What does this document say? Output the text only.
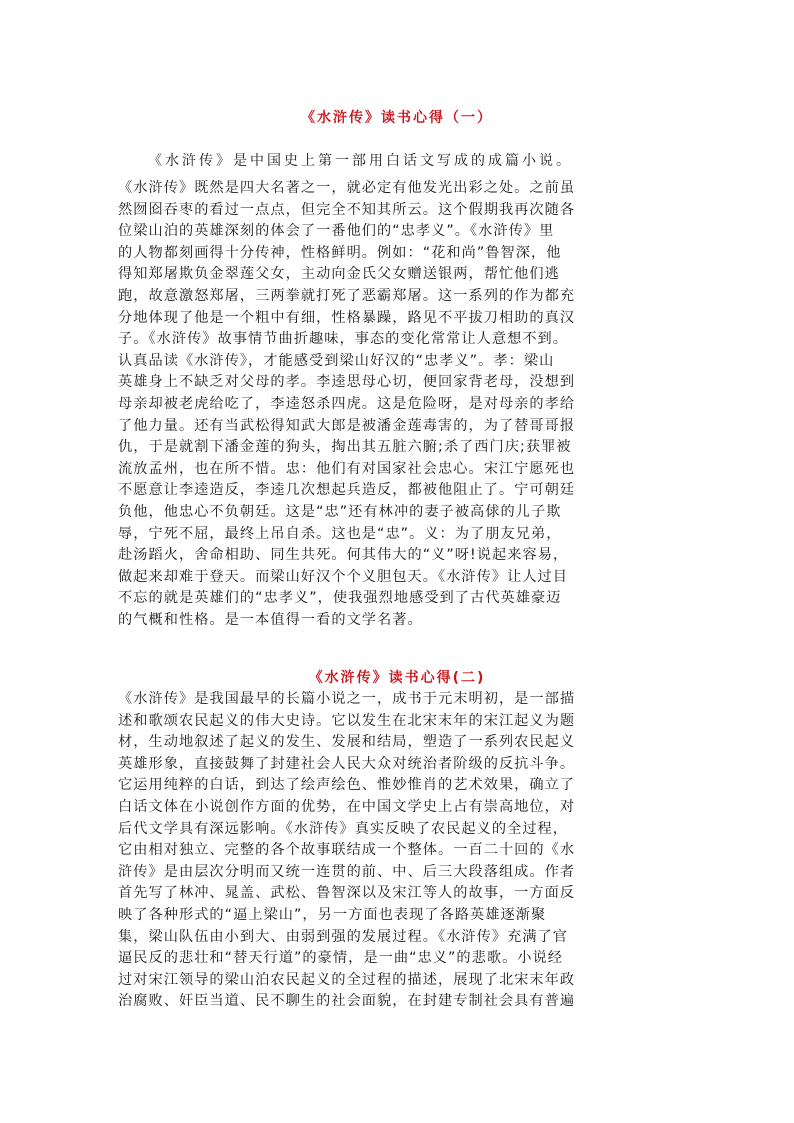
《水浒传》读书心得（一）
《水浒传》是中国史上第一部用白话文写成的成篇小说。
《水浒传》既然是四大名著之一，就必定有他发光出彩之处。之前虽
然囫囵吞枣的看过一点点，但完全不知其所云。这个假期我再次随各
位梁山泊的英雄深刻的体会了一番他们的“忠孝义”。《水浒传》里
的人物都刻画得十分传神，性格鲜明。例如：“花和尚”鲁智深，他
得知郑屠欺负金翠莲父女，主动向金氏父女赠送银两，帮忙他们逃
跑，故意激怒郑屠，三两拳就打死了恶霸郑屠。这一系列的作为都充
分地体现了他是一个粗中有细，性格暴躁，路见不平拔刀相助的真汉
子。《水浒传》故事情节曲折趣味，事态的变化常常让人意想不到。
认真品读《水浒传》，才能感受到梁山好汉的“忠孝义”。孝：梁山
英雄身上不缺乏对父母的孝。李逵思母心切，便回家背老母，没想到
母亲却被老虎给吃了，李逵怒杀四虎。这是危险呀，是对母亲的孝给
了他力量。还有当武松得知武大郎是被潘金莲毒害的，为了替哥哥报
仇，于是就割下潘金莲的狗头，掏出其五脏六腑;杀了西门庆;获罪被
流放孟州，也在所不惜。忠：他们有对国家社会忠心。宋江宁愿死也
不愿意让李逵造反，李逵几次想起兵造反，都被他阻止了。宁可朝廷
负他，他忠心不负朝廷。这是“忠”还有林冲的妻子被高俅的儿子欺
辱，宁死不屈，最终上吊自杀。这也是“忠”。义：为了朋友兄弟，
赴汤蹈火，舍命相助、同生共死。何其伟大的“义”呀!说起来容易，
做起来却难于登天。而梁山好汉个个义胆包天。《水浒传》让人过目
不忘的就是英雄们的“忠孝义”，使我强烈地感受到了古代英雄豪迈
的气概和性格。是一本值得一看的文学名著。
《水浒传》读书心得(二)
《水浒传》是我国最早的长篇小说之一，成书于元末明初，是一部描
述和歌颂农民起义的伟大史诗。它以发生在北宋末年的宋江起义为题
材，生动地叙述了起义的发生、发展和结局，塑造了一系列农民起义
英雄形象，直接鼓舞了封建社会人民大众对统治者阶级的反抗斗争。
它运用纯粹的白话，到达了绘声绘色、惟妙惟肖的艺术效果，确立了
白话文体在小说创作方面的优势，在中国文学史上占有崇高地位，对
后代文学具有深远影响。《水浒传》真实反映了农民起义的全过程，
它由相对独立、完整的各个故事联结成一个整体。一百二十回的《水
浒传》是由层次分明而又统一连贯的前、中、后三大段落组成。作者
首先写了林冲、晁盖、武松、鲁智深以及宋江等人的故事，一方面反
映了各种形式的“逼上梁山”，另一方面也表现了各路英雄逐渐聚
集，梁山队伍由小到大、由弱到强的发展过程。《水浒传》充满了官
逼民反的悲壮和“替天行道”的豪情，是一曲“忠义”的悲歌。小说经
过对宋江领导的梁山泊农民起义的全过程的描述，展现了北宋末年政
治腐败、奸臣当道、民不聊生的社会面貌，在封建专制社会具有普遍
